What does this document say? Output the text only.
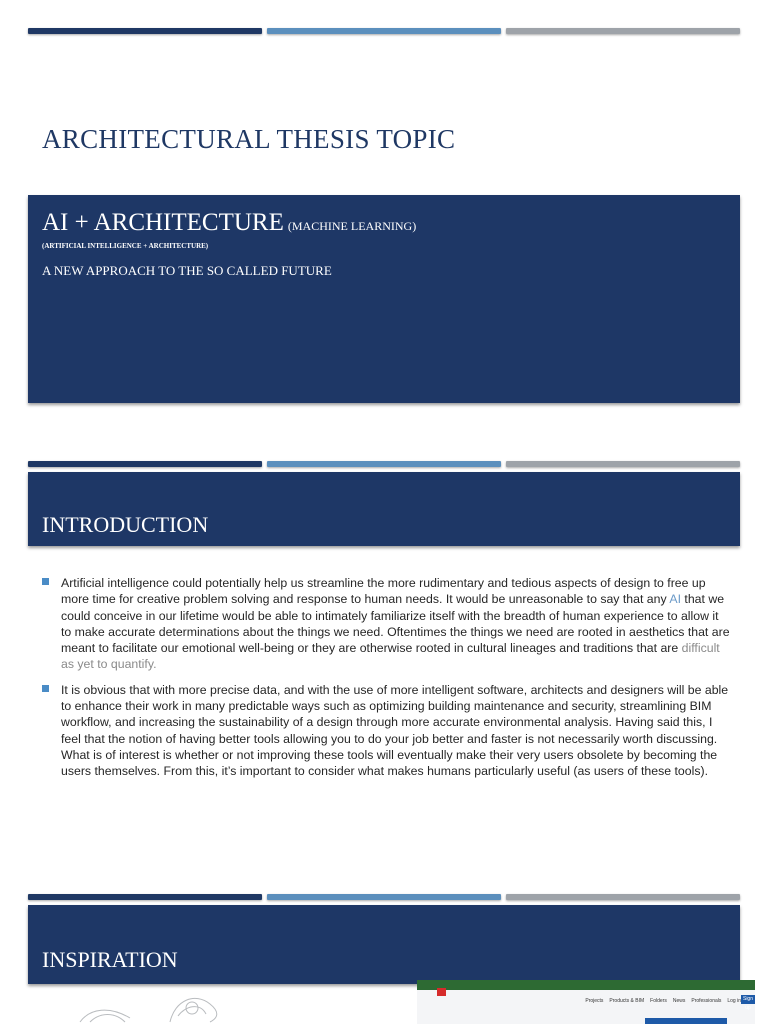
ARCHITECTURAL THESIS TOPIC
AI + ARCHITECTURE (MACHINE LEARNING)
(ARTIFICIAL INTELLIGENCE + ARCHITECTURE)
A NEW APPROACH TO THE SO CALLED FUTURE
INTRODUCTION
Artificial intelligence could potentially help us streamline the more rudimentary and tedious aspects of design to free up more time for creative problem solving and response to human needs. It would be unreasonable to say that any AI that we could conceive in our lifetime would be able to intimately familiarize itself with the breadth of human experience to allow it to make accurate determinations about the things we need. Oftentimes the things we need are rooted in aesthetics that are meant to facilitate our emotional well-being or they are otherwise rooted in cultural lineages and traditions that are difficult as yet to quantify.
It is obvious that with more precise data, and with the use of more intelligent software, architects and designers will be able to enhance their work in many predictable ways such as optimizing building maintenance and security, streamlining BIM workflow, and increasing the sustainability of a design through more accurate environmental analysis. Having said this, I feel that the notion of having better tools allowing you to do your job better and faster is not necessarily worth discussing. What is of interest is whether or not improving these tools will eventually make their very users obsolete by becoming the users themselves. From this, it’s important to consider what makes humans particularly useful (as users of these tools).
INSPIRATION
Projects Products & BIM Folders News Professionals Log in Sign up
